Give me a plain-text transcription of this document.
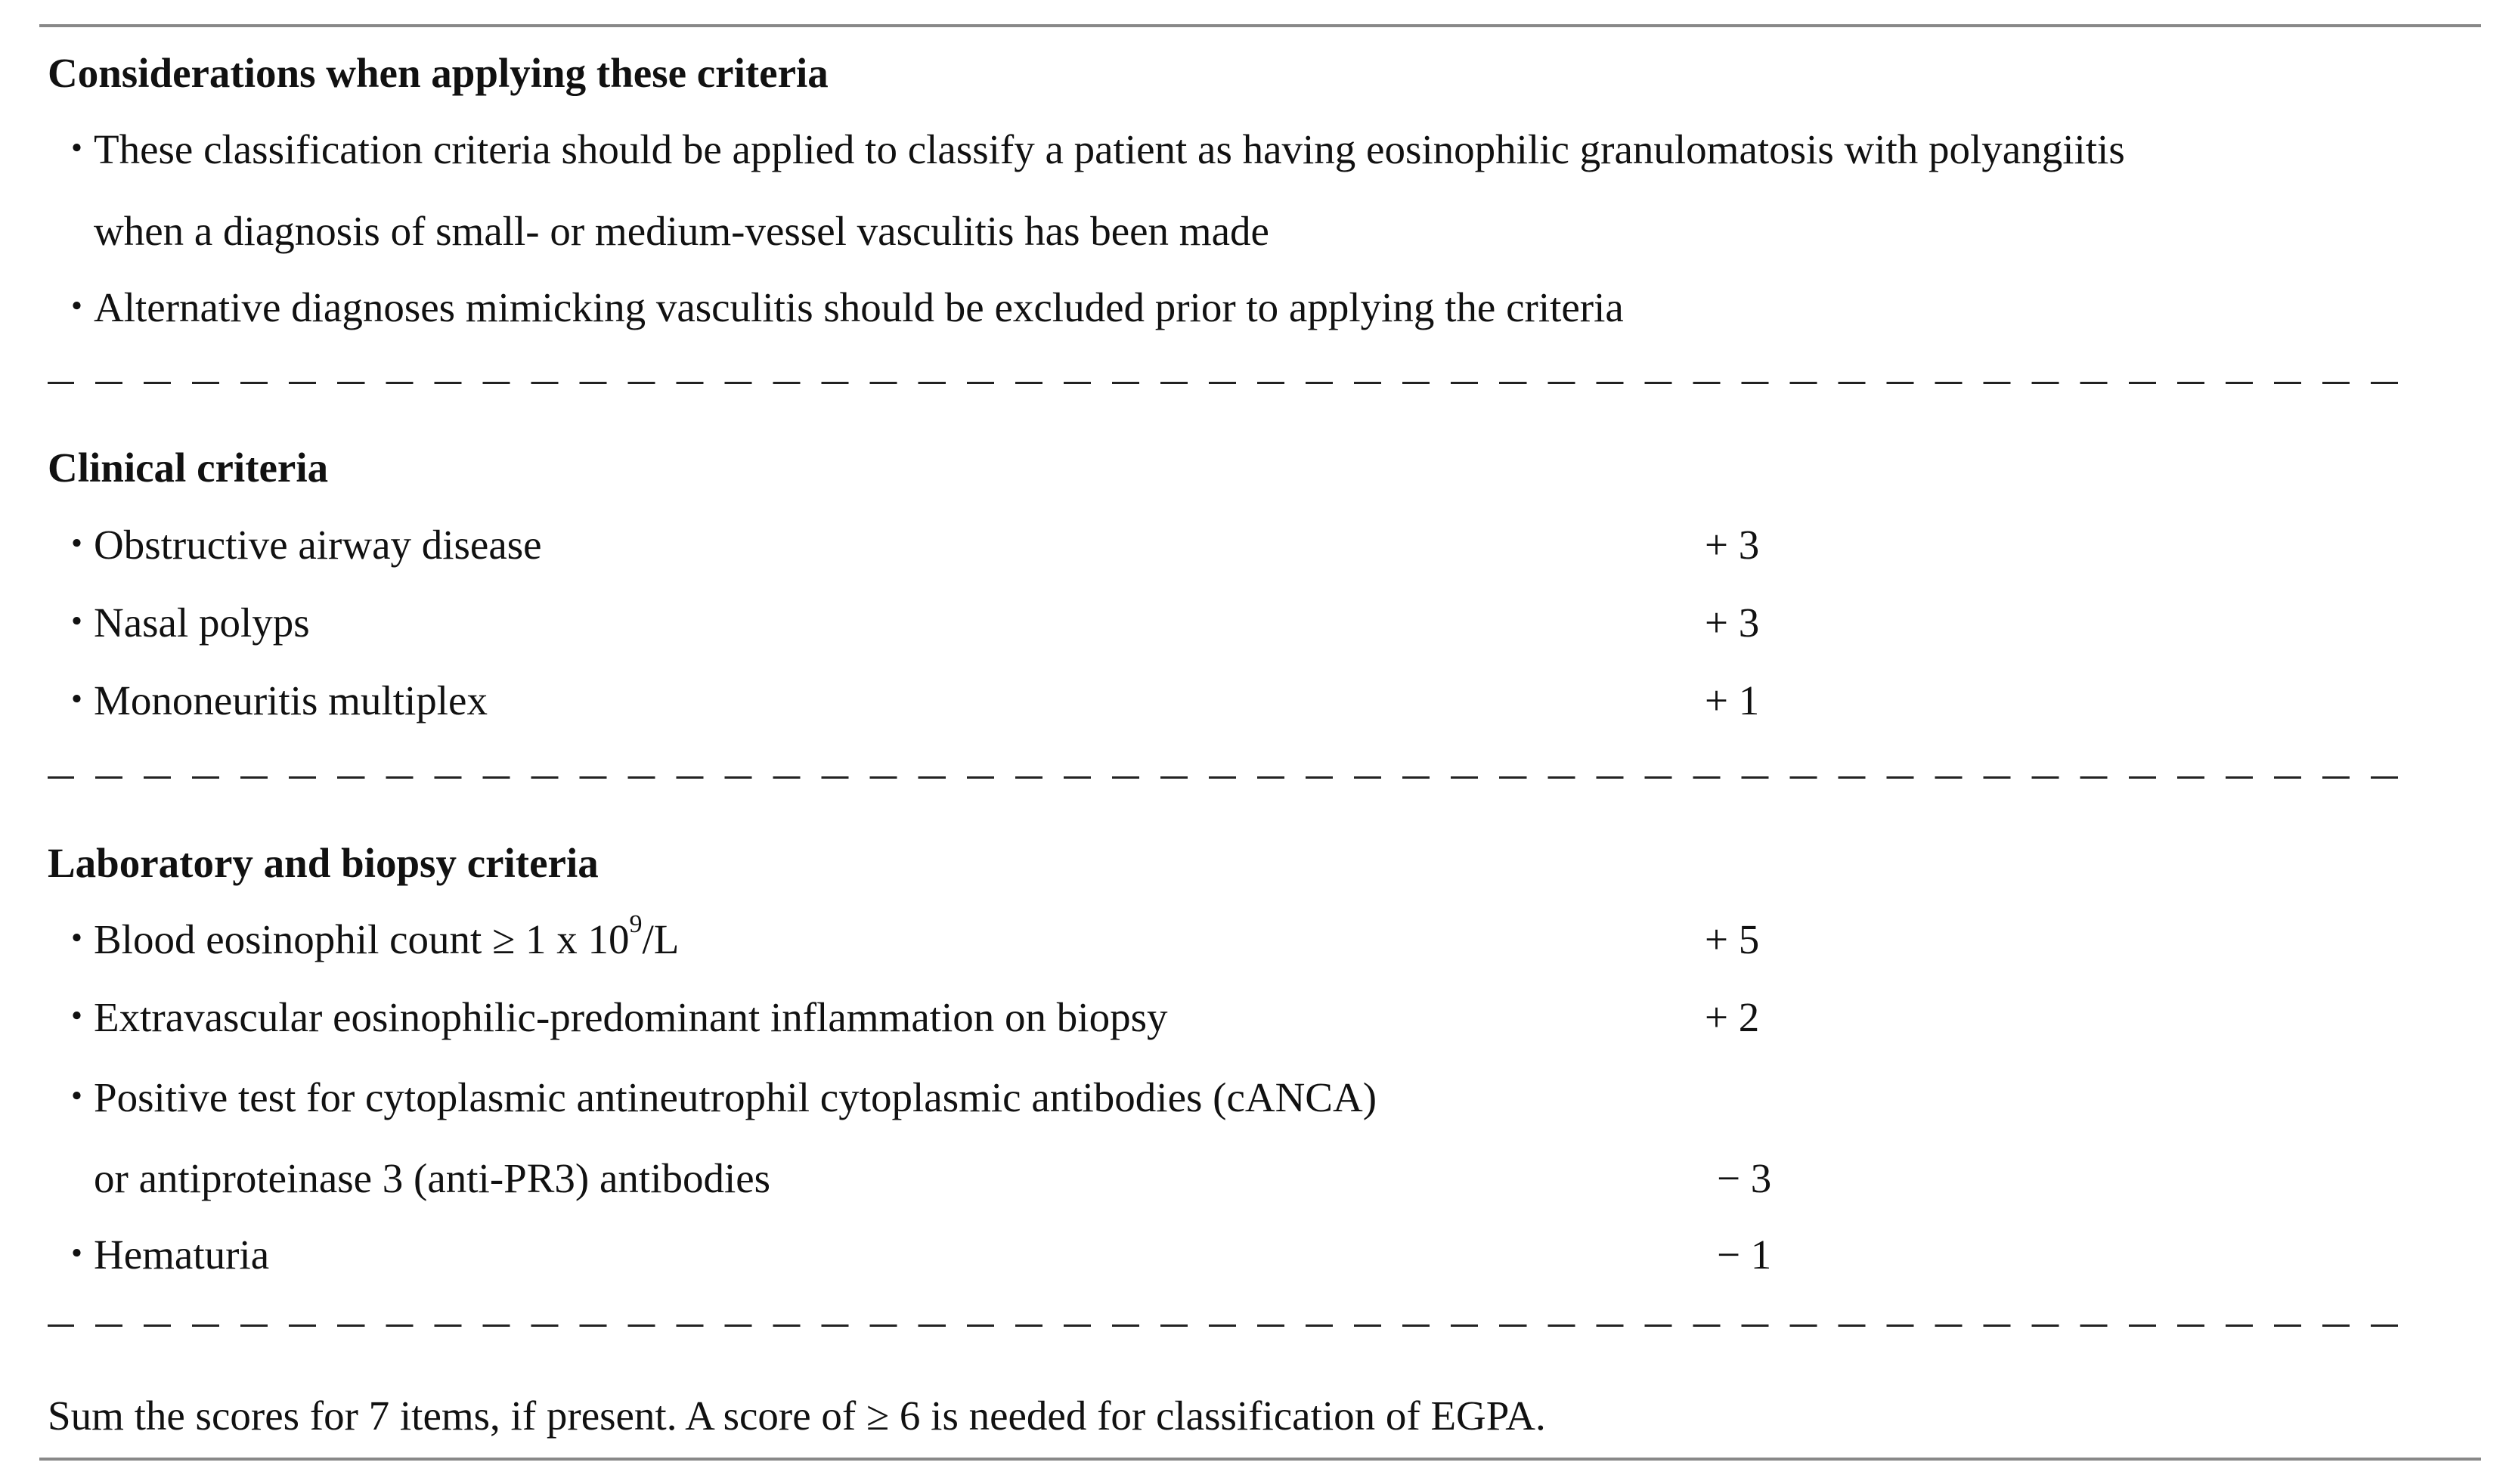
Considerations when applying these criteria
・These classification criteria should be applied to classify a patient as having eosinophilic granulomatosis with polyangiitis
when a diagnosis of small- or medium-vessel vasculitis has been made
・Alternative diagnoses mimicking vasculitis should be excluded prior to applying the criteria
Clinical criteria
・Obstructive airway disease	+ 3
・Nasal polyps	+ 3
・Mononeuritis multiplex	+ 1
Laboratory and biopsy criteria
・Blood eosinophil count ≥ 1 x $10^9/L$	+ 5
・Extravascular eosinophilic-predominant inflammation on biopsy	+ 2
・Positive test for cytoplasmic antineutrophil cytoplasmic antibodies (cANCA)
or antiproteinase 3 (anti-PR3) antibodies	− 3
・Hematuria	− 1
Sum the scores for 7 items, if present. A score of ≥ 6 is needed for classification of EGPA.
